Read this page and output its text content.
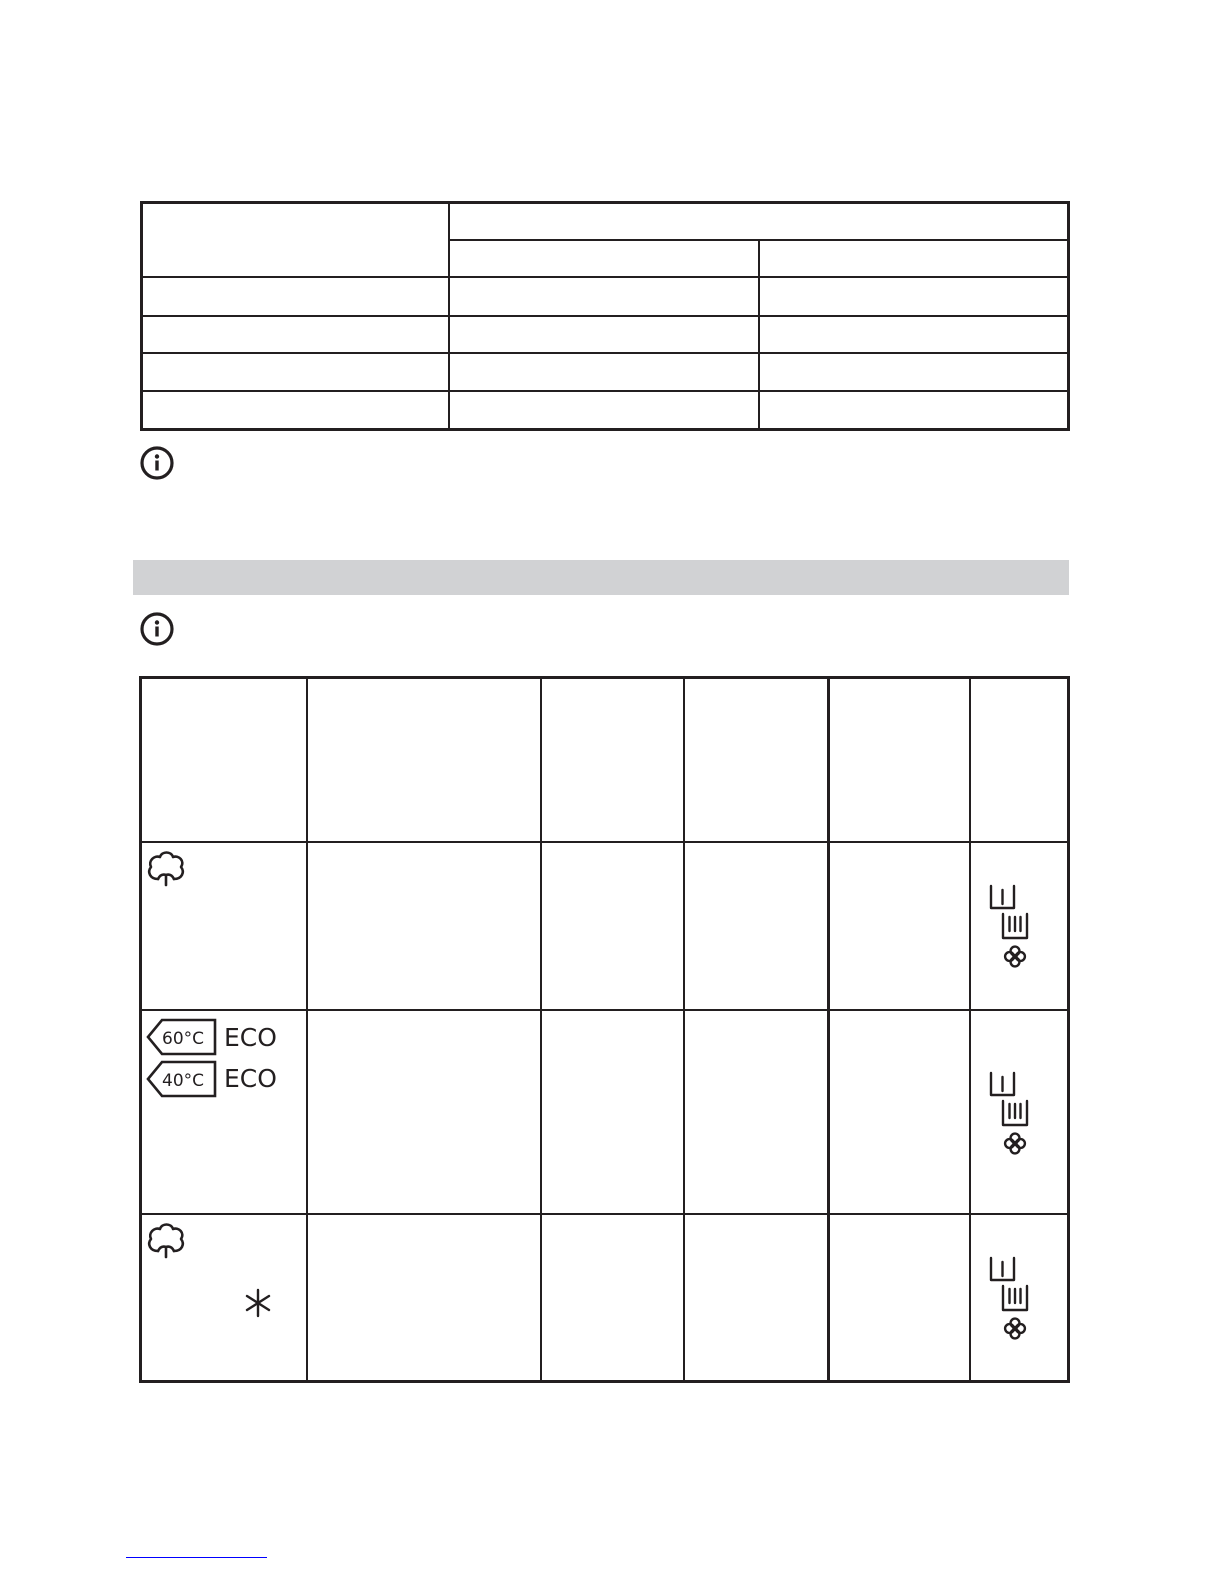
60°C ECO
40°C ECO
